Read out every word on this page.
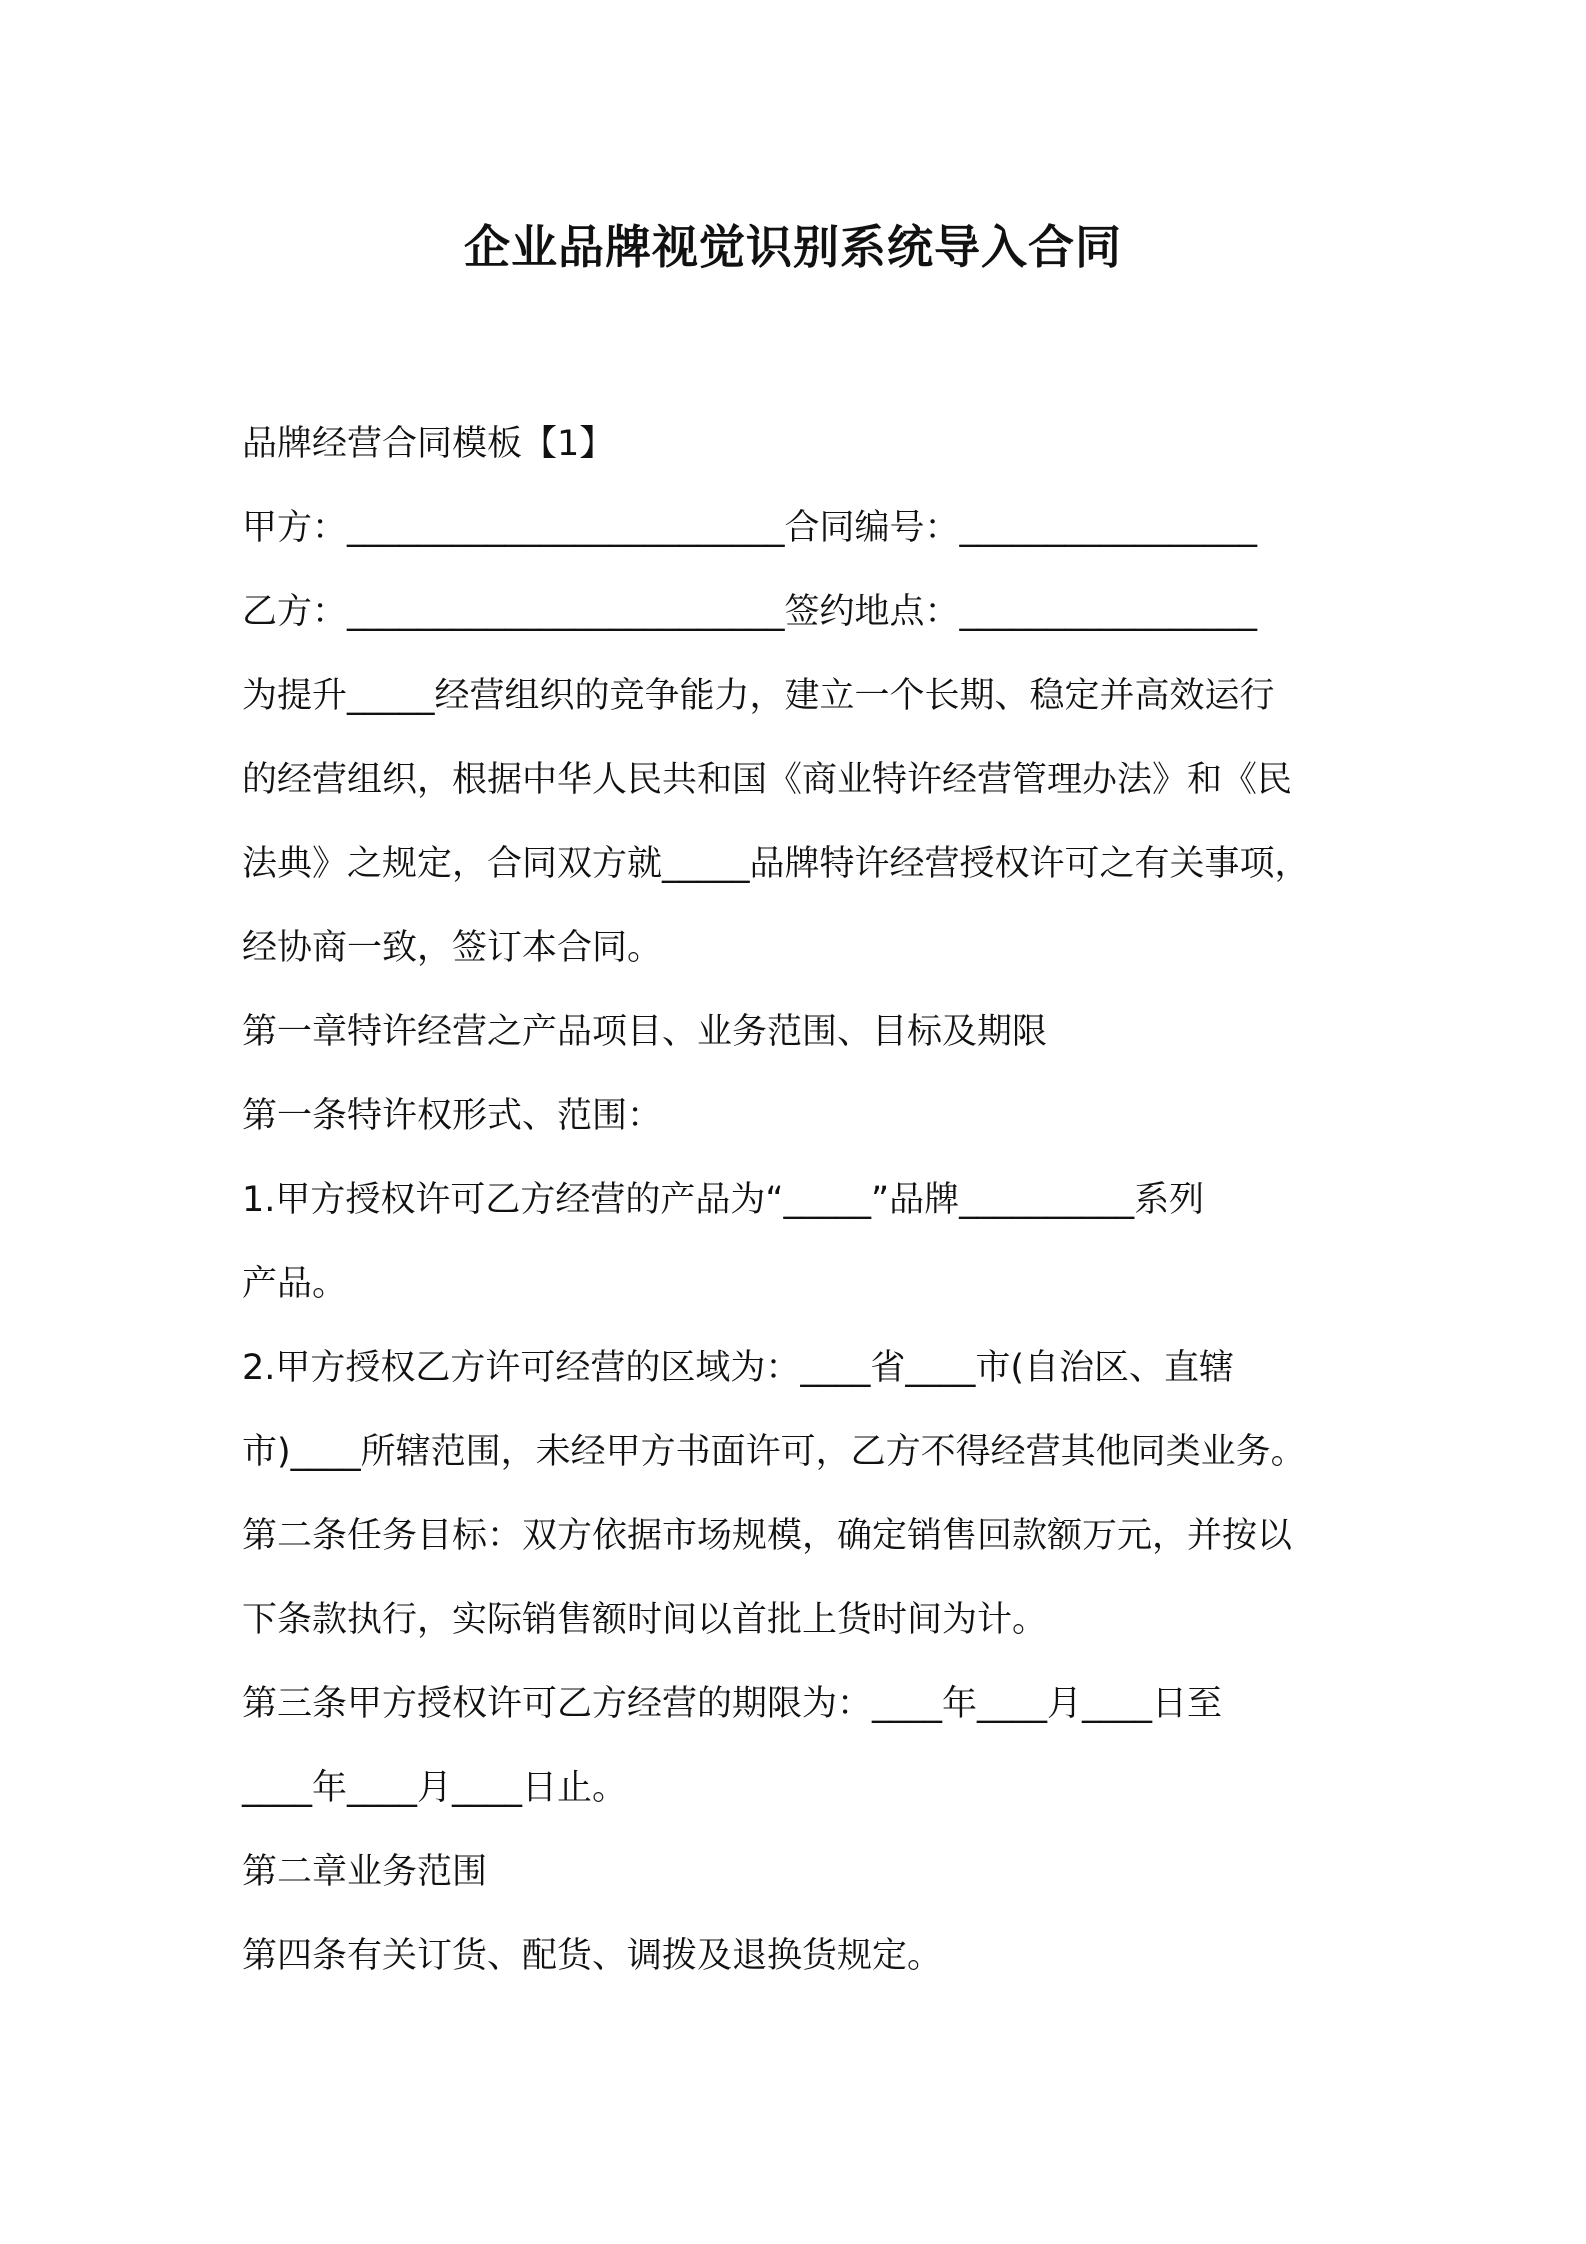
企业品牌视觉识别系统导入合同
品牌经营合同模板【1】
甲方：_________________________合同编号：_________________
乙方：_________________________签约地点：_________________
为提升_____经营组织的竞争能力，建立一个长期、稳定并高效运行
的经营组织，根据中华人民共和国《商业特许经营管理办法》和《民
法典》之规定，合同双方就_____品牌特许经营授权许可之有关事项，
经协商一致，签订本合同。
第一章特许经营之产品项目、业务范围、目标及期限
第一条特许权形式、范围：
1.甲方授权许可乙方经营的产品为“_____”品牌__________系列
产品。
2.甲方授权乙方许可经营的区域为：____省____市(自治区、直辖
市)____所辖范围，未经甲方书面许可，乙方不得经营其他同类业务。
第二条任务目标：双方依据市场规模，确定销售回款额万元，并按以
下条款执行，实际销售额时间以首批上货时间为计。
第三条甲方授权许可乙方经营的期限为：____年____月____日至
____年____月____日止。
第二章业务范围
第四条有关订货、配货、调拨及退换货规定。
